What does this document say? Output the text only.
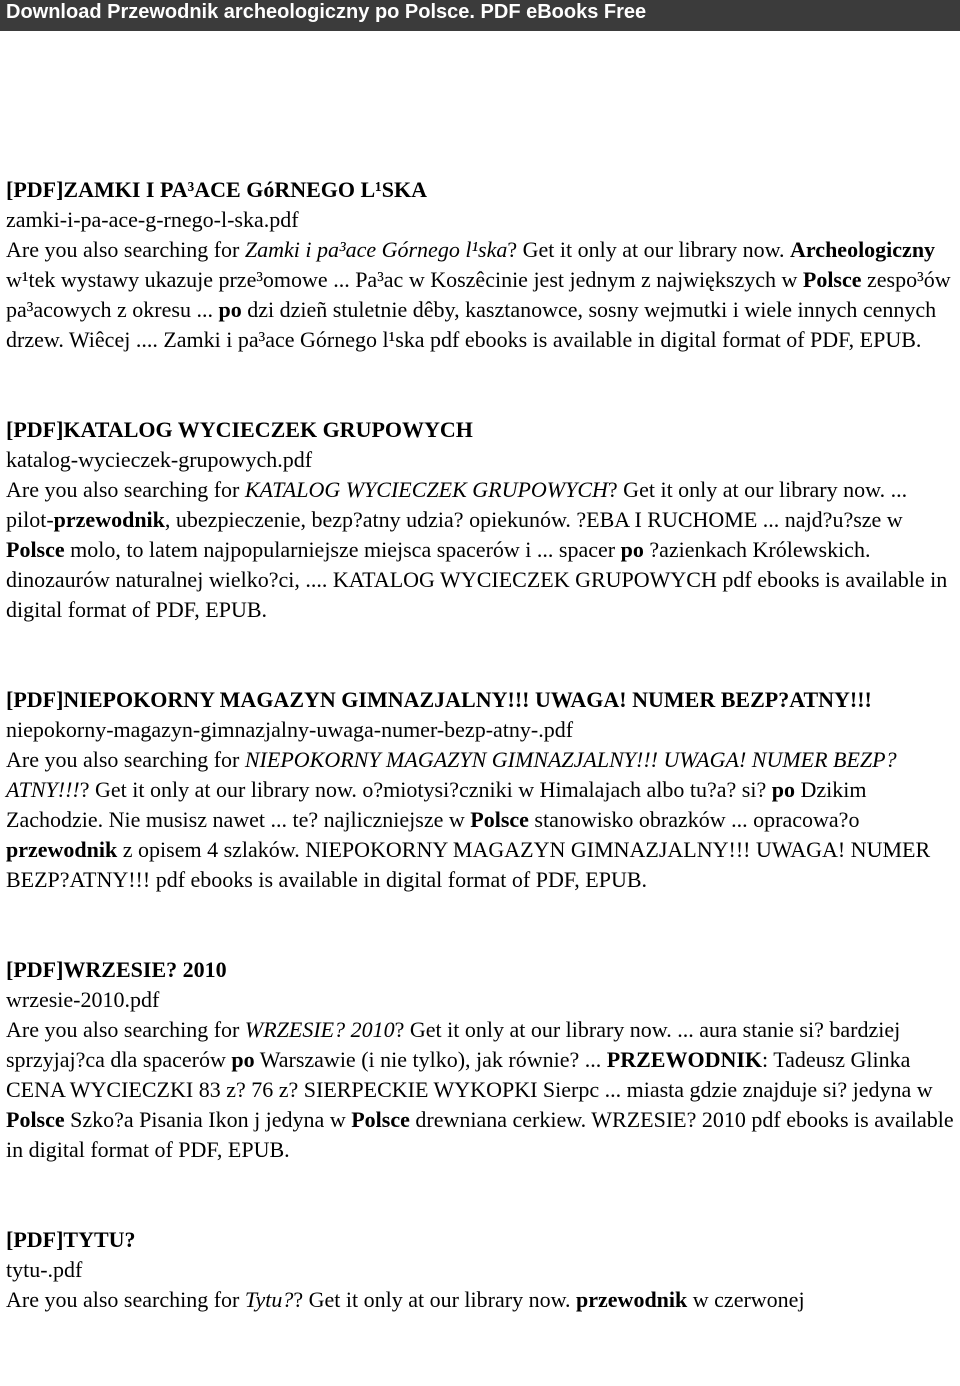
Download Przewodnik archeologiczny po Polsce. PDF eBooks Free

[PDF]ZAMKI I PA³ACE GóRNEGO L¹SKA

zamki-i-pa-ace-g-rnego-l-ska.pdf

Are you also searching for Zamki i pa³ace Górnego l¹ska? Get it only at our library now. Archeologiczny w¹tek wystawy ukazuje prze³omowe ... Pa³ac w Koszêcinie jest jednym z największych w Polsce zespo³ów pa³acowych z okresu ... po dzi dzieñ stuletnie dêby, kasztanowce, sosny wejmutki i wiele innych cennych drzew. Wiêcej .... Zamki i pa³ace Górnego l¹ska pdf ebooks is available in digital format of PDF, EPUB.

[PDF]KATALOG WYCIECZEK GRUPOWYCH

katalog-wycieczek-grupowych.pdf

Are you also searching for KATALOG WYCIECZEK GRUPOWYCH? Get it only at our library now. ... pilot-przewodnik, ubezpieczenie, bezp?atny udzia? opiekunów. ?EBA I RUCHOME ... najd?u?sze w Polsce molo, to latem najpopularniejsze miejsca spacerów i ... spacer po ?azienkach Królewskich. dinozaurów naturalnej wielko?ci, .... KATALOG WYCIECZEK GRUPOWYCH pdf ebooks is available in digital format of PDF, EPUB.

[PDF]NIEPOKORNY MAGAZYN GIMNAZJALNY!!! UWAGA! NUMER BEZP?ATNY!!!

niepokorny-magazyn-gimnazjalny-uwaga-numer-bezp-atny-.pdf

Are you also searching for NIEPOKORNY MAGAZYN GIMNAZJALNY!!! UWAGA! NUMER BEZP?ATNY!!!? Get it only at our library now. o?miotysi?czniki w Himalajach albo tu?a? si? po Dzikim Zachodzie. Nie musisz nawet ... te? najliczniejsze w Polsce stanowisko obrazków ... opracowa?o przewodnik z opisem 4 szlaków. NIEPOKORNY MAGAZYN GIMNAZJALNY!!! UWAGA! NUMER BEZP?ATNY!!! pdf ebooks is available in digital format of PDF, EPUB.

[PDF]WRZESIE? 2010

wrzesie-2010.pdf

Are you also searching for WRZESIE? 2010? Get it only at our library now. ... aura stanie si? bardziej sprzyjaj?ca dla spacerów po Warszawie (i nie tylko), jak równie? ... PRZEWODNIK: Tadeusz Glinka CENA WYCIECZKI 83 z? 76 z? SIERPECKIE WYKOPKI Sierpc ... miasta gdzie znajduje si? jedyna w Polsce Szko?a Pisania Ikon j jedyna w Polsce drewniana cerkiew. WRZESIE? 2010 pdf ebooks is available in digital format of PDF, EPUB.

[PDF]TYTU?

tytu-.pdf

Are you also searching for Tytu?? Get it only at our library now. przewodnik w czerwonej
